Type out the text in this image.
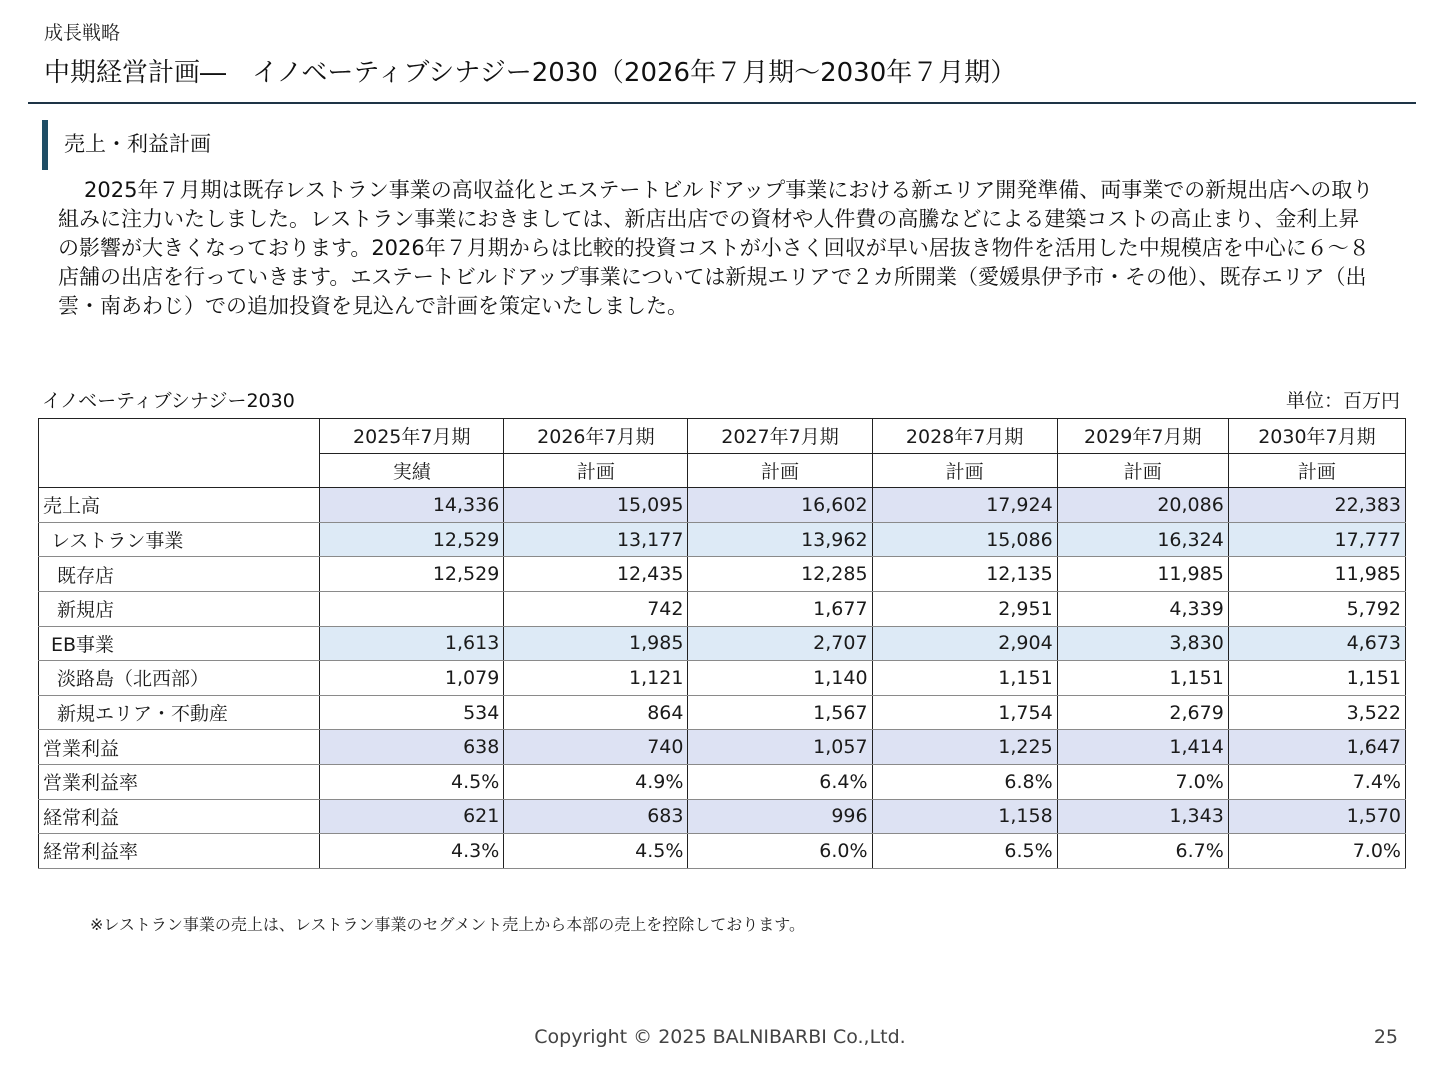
成長戦略
中期経営計画―　イノベーティブシナジー2030（2026年７月期～2030年７月期）
売上・利益計画
2025年７月期は既存レストラン事業の高収益化とエステートビルドアップ事業における新エリア開発準備、両事業での新規出店への取り組みに注力いたしました。レストラン事業におきましては、新店出店での資材や人件費の高騰などによる建築コストの高止まり、金利上昇の影響が大きくなっております。2026年７月期からは比較的投資コストが小さく回収が早い居抜き物件を活用した中規模店を中心に６～８店舗の出店を行っていきます。エステートビルドアップ事業については新規エリアで２カ所開業（愛媛県伊予市・その他）、既存エリア（出雲・南あわじ）での追加投資を見込んで計画を策定いたしました。
イノベーティブシナジー2030	単位：百万円
	2025年7月期	2026年7月期	2027年7月期	2028年7月期	2029年7月期	2030年7月期
	実績	計画	計画	計画	計画	計画
売上高	14,336	15,095	16,602	17,924	20,086	22,383
レストラン事業	12,529	13,177	13,962	15,086	16,324	17,777
既存店	12,529	12,435	12,285	12,135	11,985	11,985
新規店		742	1,677	2,951	4,339	5,792
EB事業	1,613	1,985	2,707	2,904	3,830	4,673
淡路島（北西部）	1,079	1,121	1,140	1,151	1,151	1,151
新規エリア・不動産	534	864	1,567	1,754	2,679	3,522
営業利益	638	740	1,057	1,225	1,414	1,647
営業利益率	4.5%	4.9%	6.4%	6.8%	7.0%	7.4%
経常利益	621	683	996	1,158	1,343	1,570
経常利益率	4.3%	4.5%	6.0%	6.5%	6.7%	7.0%
※レストラン事業の売上は、レストラン事業のセグメント売上から本部の売上を控除しております。
Copyright © 2025 BALNIBARBI Co.,Ltd.	25
